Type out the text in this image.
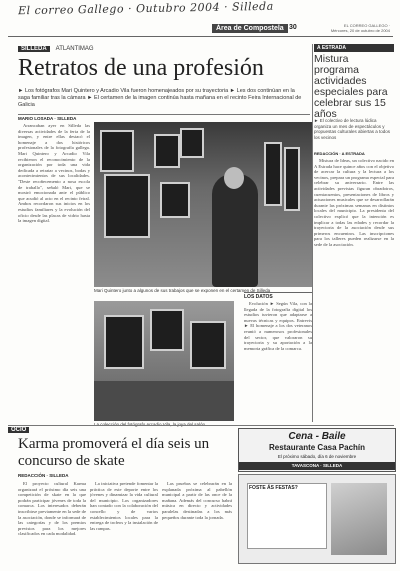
El correo Gallego · Outubro 2004 · Silleda
Área de Compostela 30	EL CORREO GALLEGO · Mércores, 20 de outubro de 2004
SILLEDA ATLANTIMAG
Retratos de una profesión
► Los fotógrafos Mari Quintero y Arcadio Vila fueron homenajeados por su trayectoria ► Les dos continúan en la saga familiar tras la cámara ► El certamen de la imagen continúa hasta mañana en el recinto Feira Internacional de Galicia
MARIO LOSADA · SILLEDA

Arrancaban ayer en Silleda las diversas actividades de la feria de la imagen, y entre ellas destacó el homenaje a dos históricos profesionales de la fotografía gallega. Mari Quintero y Arcadio Vila recibieron el reconocimiento de la organización por toda una vida dedicada a retratar a vecinos, bodas y acontecimientos de sus localidades. "Deste recoñecemento a nosa escola de traballo", señaló Mari, que se mostró emocionada ante el público que acudió al acto en el recinto feiral. Ambos recordaron sus inicios en los estudios familiares y la evolución del oficio desde las placas de vidrio hasta la imagen digital.

Mari Quintero junto a algunos de sus trabajos que se exponen en el certamen de Silleda
LOS DATOS

Evolución ► Según Vila, con la llegada de la fotografía digital los estudios tuvieron que adaptarse a nuevas técnicas y equipos. Entrevis ► El homenaje a los dos veteranos reunió a numerosos profesionales del sector, que valoraron su trayectoria y su aportación a la memoria gráfica de la comarca.

A ESTRADA
Mistura programa actividades especiales para celebrar sus 15 años
► El colectivo de lectura lúdica organiza un mes de espectáculos y propuestas culturales abiertas a todos los vecinos
REDACCIÓN · A ESTRADA

Mistura de Ideas, un colectivo nacido en A Estrada hace quince años con el objetivo de acercar la cultura y la lectura a los vecinos, prepara un programa especial para celebrar su aniversario. Entre las actividades previstas figuran obradoiros, cuentacuentos, presentaciones de libros y actuaciones musicales que se desarrollarán durante las próximas semanas en distintos locales del municipio. La presidenta del colectivo explicó que la intención es implicar a todas las edades y recordar la trayectoria de la asociación desde sus primeros encuentros. Las inscripciones para los talleres pueden realizarse en la sede de la asociación.

OCIO
Karma promoverá el día seis un concurso de skate
REDACCIÓN · SILLEDA

El proyecto cultural Karma organizará el próximo día seis una competición de skate en la que podrán participar jóvenes de toda la comarca. Los interesados deberán inscribirse previamente en la sede de la asociación, donde se informará de las categorías y de los premios previstos para los mejores clasificados en cada modalidad.

La iniciativa pretende fomentar la práctica de este deporte entre los jóvenes y dinamizar la vida cultural del municipio. Los organizadores han contado con la colaboración del concello y de varios establecimientos locales para la entrega de trofeos y la instalación de las rampas.

Las pruebas se celebrarán en la explanada próxima al pabellón municipal a partir de las once de la mañana. Además del concurso habrá música en directo y actividades paralelas destinadas a los más pequeños durante toda la jornada.

Cena - Baile
Restaurante Casa Pachín
El próximo sábado, día 6 de noviembre
TAVASCONA · SILLEDA
FOSTE ÁS FESTAS?
